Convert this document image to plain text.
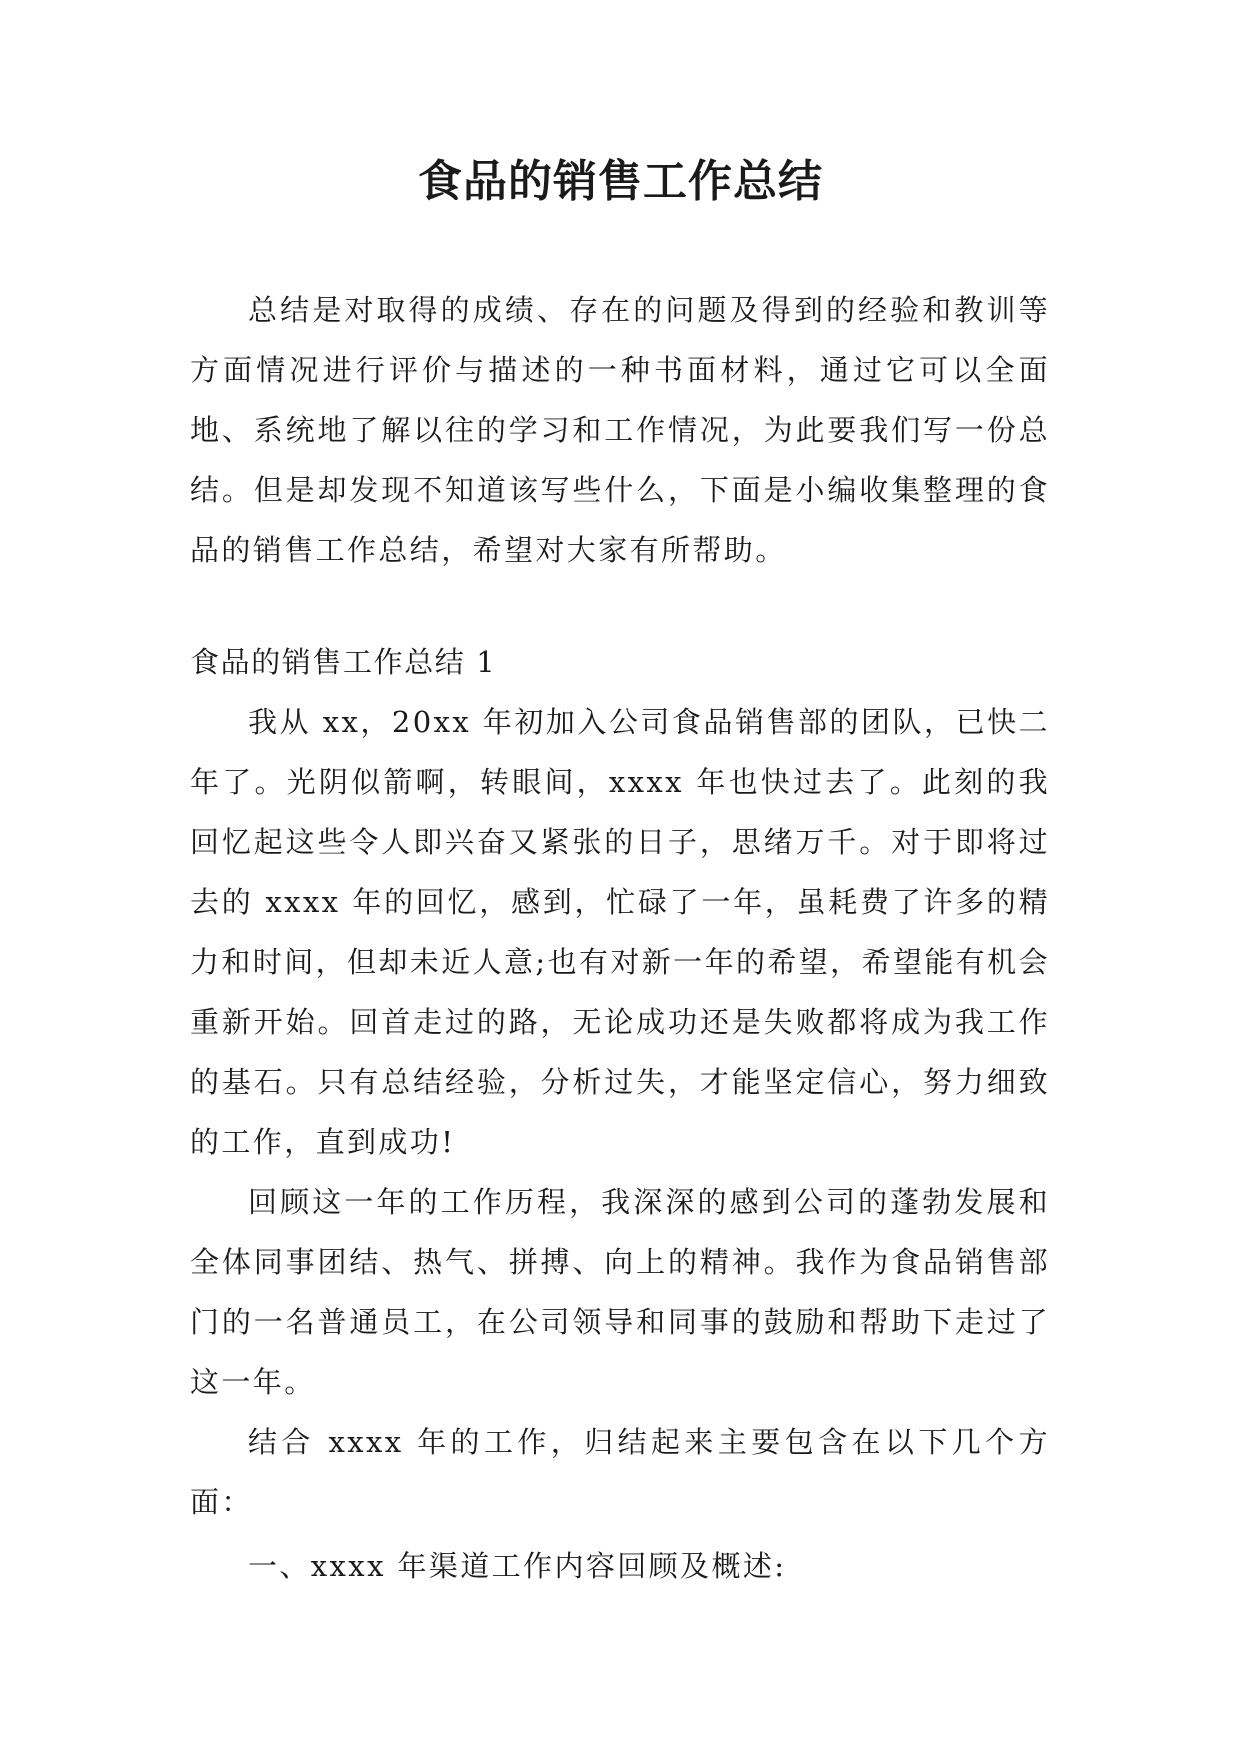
食品的销售工作总结

总结是对取得的成绩、存在的问题及得到的经验和教训等方面情况进行评价与描述的一种书面材料，通过它可以全面地、系统地了解以往的学习和工作情况，为此要我们写一份总结。但是却发现不知道该写些什么，下面是小编收集整理的食品的销售工作总结，希望对大家有所帮助。

食品的销售工作总结 1

我从 xx，20xx 年初加入公司食品销售部的团队，已快二年了。光阴似箭啊，转眼间，xxxx 年也快过去了。此刻的我回忆起这些令人即兴奋又紧张的日子，思绪万千。对于即将过去的 xxxx 年的回忆，感到，忙碌了一年，虽耗费了许多的精力和时间，但却未近人意;也有对新一年的希望，希望能有机会重新开始。回首走过的路，无论成功还是失败都将成为我工作的基石。只有总结经验，分析过失，才能坚定信心，努力细致的工作，直到成功!

回顾这一年的工作历程，我深深的感到公司的蓬勃发展和全体同事团结、热气、拼搏、向上的精神。我作为食品销售部门的一名普通员工，在公司领导和同事的鼓励和帮助下走过了这一年。

结合 xxxx 年的工作，归结起来主要包含在以下几个方面：

一、xxxx 年渠道工作内容回顾及概述:
